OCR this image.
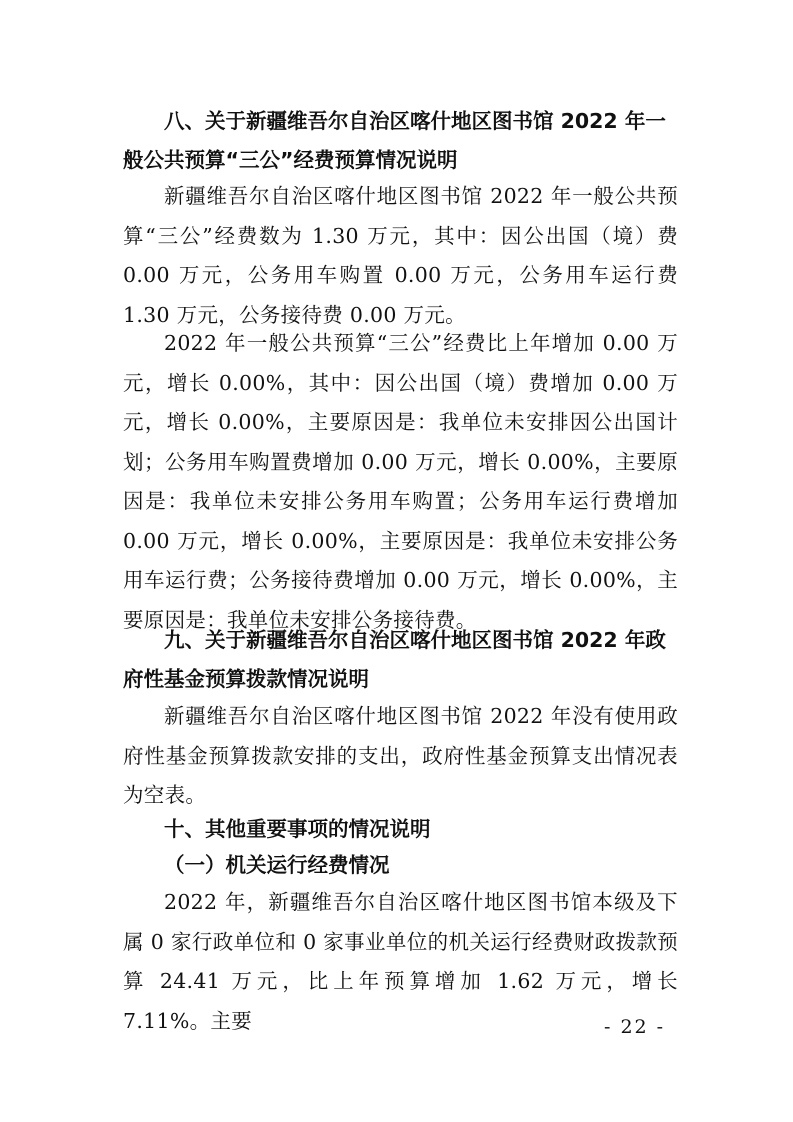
八、关于新疆维吾尔自治区喀什地区图书馆 2022 年一般公共预算“三公”经费预算情况说明

新疆维吾尔自治区喀什地区图书馆 2022 年一般公共预算“三公”经费数为 1.30 万元，其中：因公出国（境）费 0.00 万元，公务用车购置 0.00 万元，公务用车运行费 1.30 万元，公务接待费 0.00 万元。

2022 年一般公共预算“三公”经费比上年增加 0.00 万元，增长 0.00%，其中：因公出国（境）费增加 0.00 万元，增长 0.00%，主要原因是：我单位未安排因公出国计划；公务用车购置费增加 0.00 万元，增长 0.00%，主要原因是：我单位未安排公务用车购置；公务用车运行费增加 0.00 万元，增长 0.00%，主要原因是：我单位未安排公务用车运行费；公务接待费增加 0.00 万元，增长 0.00%，主要原因是：我单位未安排公务接待费。

九、关于新疆维吾尔自治区喀什地区图书馆 2022 年政府性基金预算拨款情况说明

新疆维吾尔自治区喀什地区图书馆 2022 年没有使用政府性基金预算拨款安排的支出，政府性基金预算支出情况表为空表。

十、其他重要事项的情况说明

（一）机关运行经费情况

2022 年，新疆维吾尔自治区喀什地区图书馆本级及下属 0 家行政单位和 0 家事业单位的机关运行经费财政拨款预算 24.41 万元，比上年预算增加 1.62 万元，增长 7.11%。主要	- 22 -
